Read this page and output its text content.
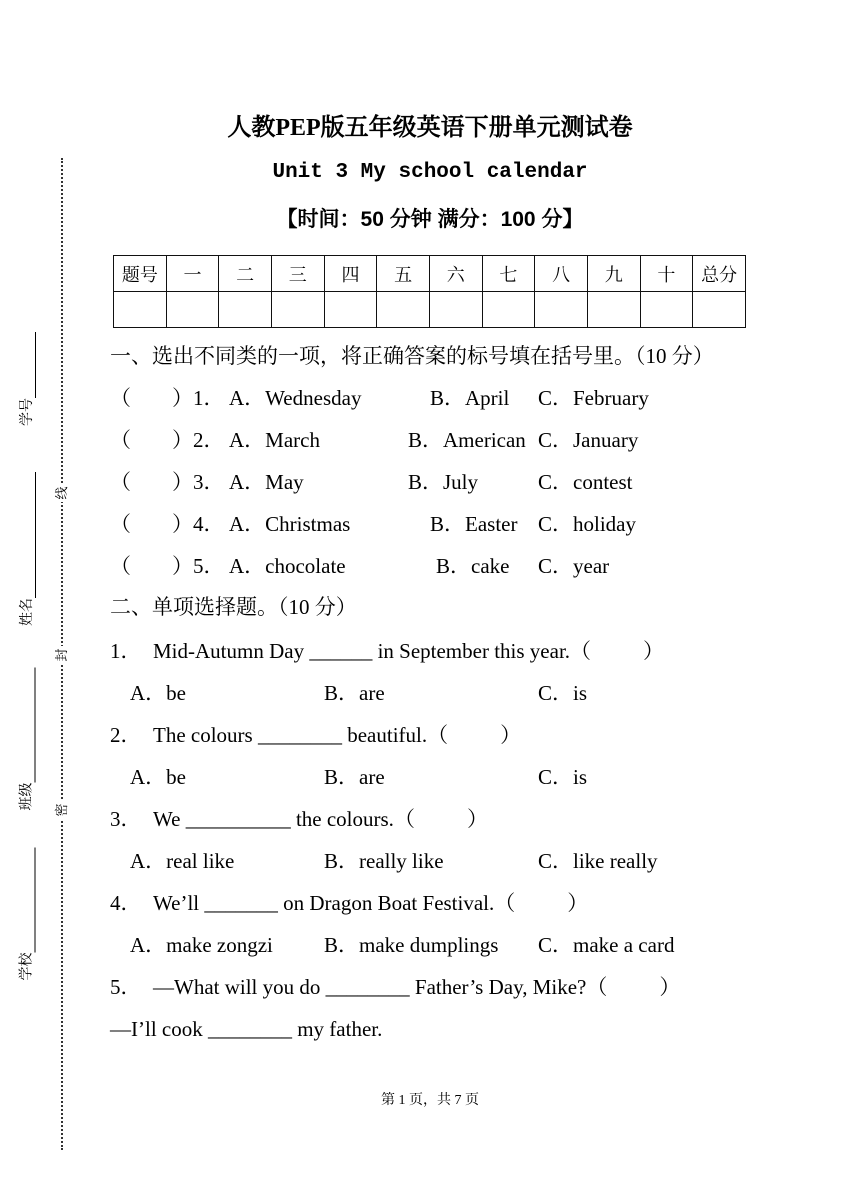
学号
姓名
班级
学校
线
封
密
人教PEP版五年级英语下册单元测试卷
Unit 3 My school calendar
【时间：50 分钟 满分：100 分】
题号	一	二	三	四	五	六	七	八	九	十	总分

一、选出不同类的一项，将正确答案的标号填在括号里。（10 分）
（ ）1． A．Wednesday	B．April C．February
（ ）2． A．March	B．American C．January
（ ）3． A．May	B．July	C．contest
（ ）4． A．Christmas	B．Easter C．holiday
（ ）5． A．chocolate	B．cake C．year
二、单项选择题。（10 分）
1． Mid-Autumn Day ______ in September this year.（ ）
A．be	B．are	C．is
2． The colours ________ beautiful.（ ）
A．be	B．are	C．is
3． We __________ the colours.（ ）
A．real like	B．really like	C．like really
4． We’ll _______ on Dragon Boat Festival.（ ）
A．make zongzi B．make dumplings C．make a card
5． —What will you do ________ Father’s Day, Mike?（ ）
—I’ll cook ________ my father.
第 1 页，共 7 页
